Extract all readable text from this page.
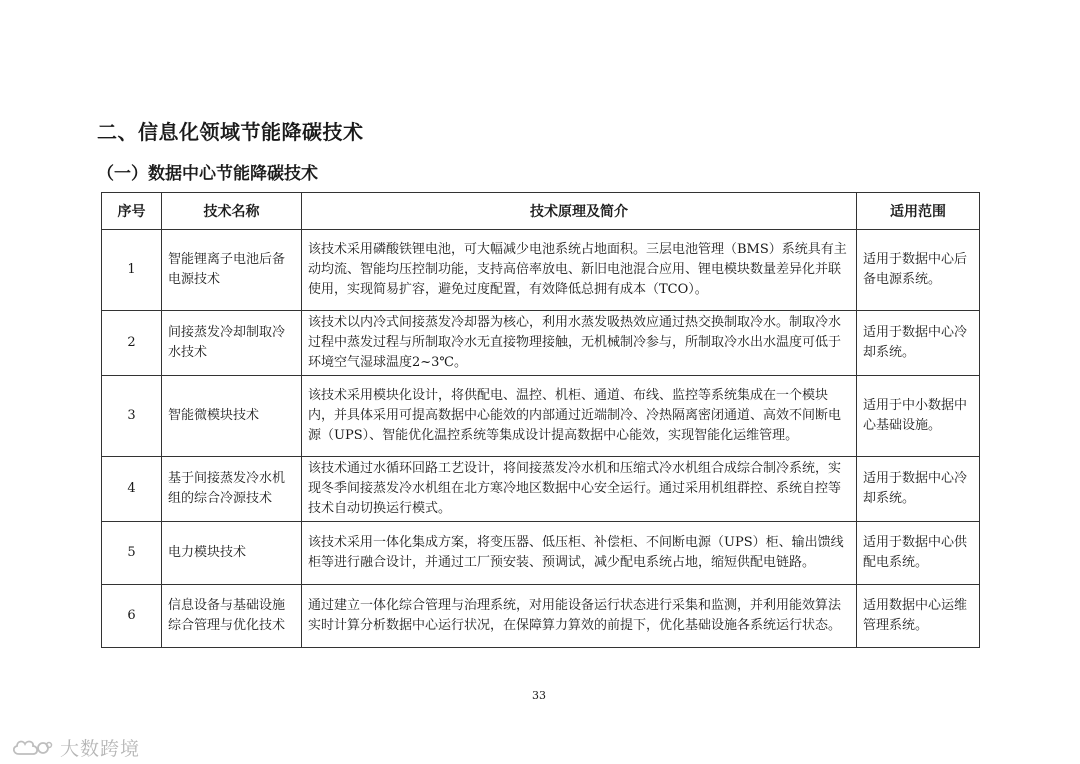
二、信息化领域节能降碳技术
（一）数据中心节能降碳技术
序号	技术名称	技术原理及简介	适用范围
1	智能锂离子电池后备电源技术	该技术采用磷酸铁锂电池，可大幅减少电池系统占地面积。三层电池管理（BMS）系统具有主动均流、智能均压控制功能，支持高倍率放电、新旧电池混合应用、锂电模块数量差异化并联使用，实现简易扩容，避免过度配置，有效降低总拥有成本（TCO）。	适用于数据中心后备电源系统。
2	间接蒸发冷却制取冷水技术	该技术以内冷式间接蒸发冷却器为核心，利用水蒸发吸热效应通过热交换制取冷水。制取冷水过程中蒸发过程与所制取冷水无直接物理接触，无机械制冷参与，所制取冷水出水温度可低于环境空气湿球温度2~3℃。	适用于数据中心冷却系统。
3	智能微模块技术	该技术采用模块化设计，将供配电、温控、机柜、通道、布线、监控等系统集成在一个模块内，并具体采用可提高数据中心能效的内部通过近端制冷、冷热隔离密闭通道、高效不间断电源（UPS）、智能优化温控系统等集成设计提高数据中心能效，实现智能化运维管理。	适用于中小数据中心基础设施。
4	基于间接蒸发冷水机组的综合冷源技术	该技术通过水循环回路工艺设计，将间接蒸发冷水机和压缩式冷水机组合成综合制冷系统，实现冬季间接蒸发冷水机组在北方寒冷地区数据中心安全运行。通过采用机组群控、系统自控等技术自动切换运行模式。	适用于数据中心冷却系统。
5	电力模块技术	该技术采用一体化集成方案，将变压器、低压柜、补偿柜、不间断电源（UPS）柜、输出馈线柜等进行融合设计，并通过工厂预安装、预调试，减少配电系统占地，缩短供配电链路。	适用于数据中心供配电系统。
6	信息设备与基础设施综合管理与优化技术	通过建立一体化综合管理与治理系统，对用能设备运行状态进行采集和监测，并利用能效算法实时计算分析数据中心运行状况，在保障算力算效的前提下，优化基础设施各系统运行状态。	适用数据中心运维管理系统。
33
大数跨境
